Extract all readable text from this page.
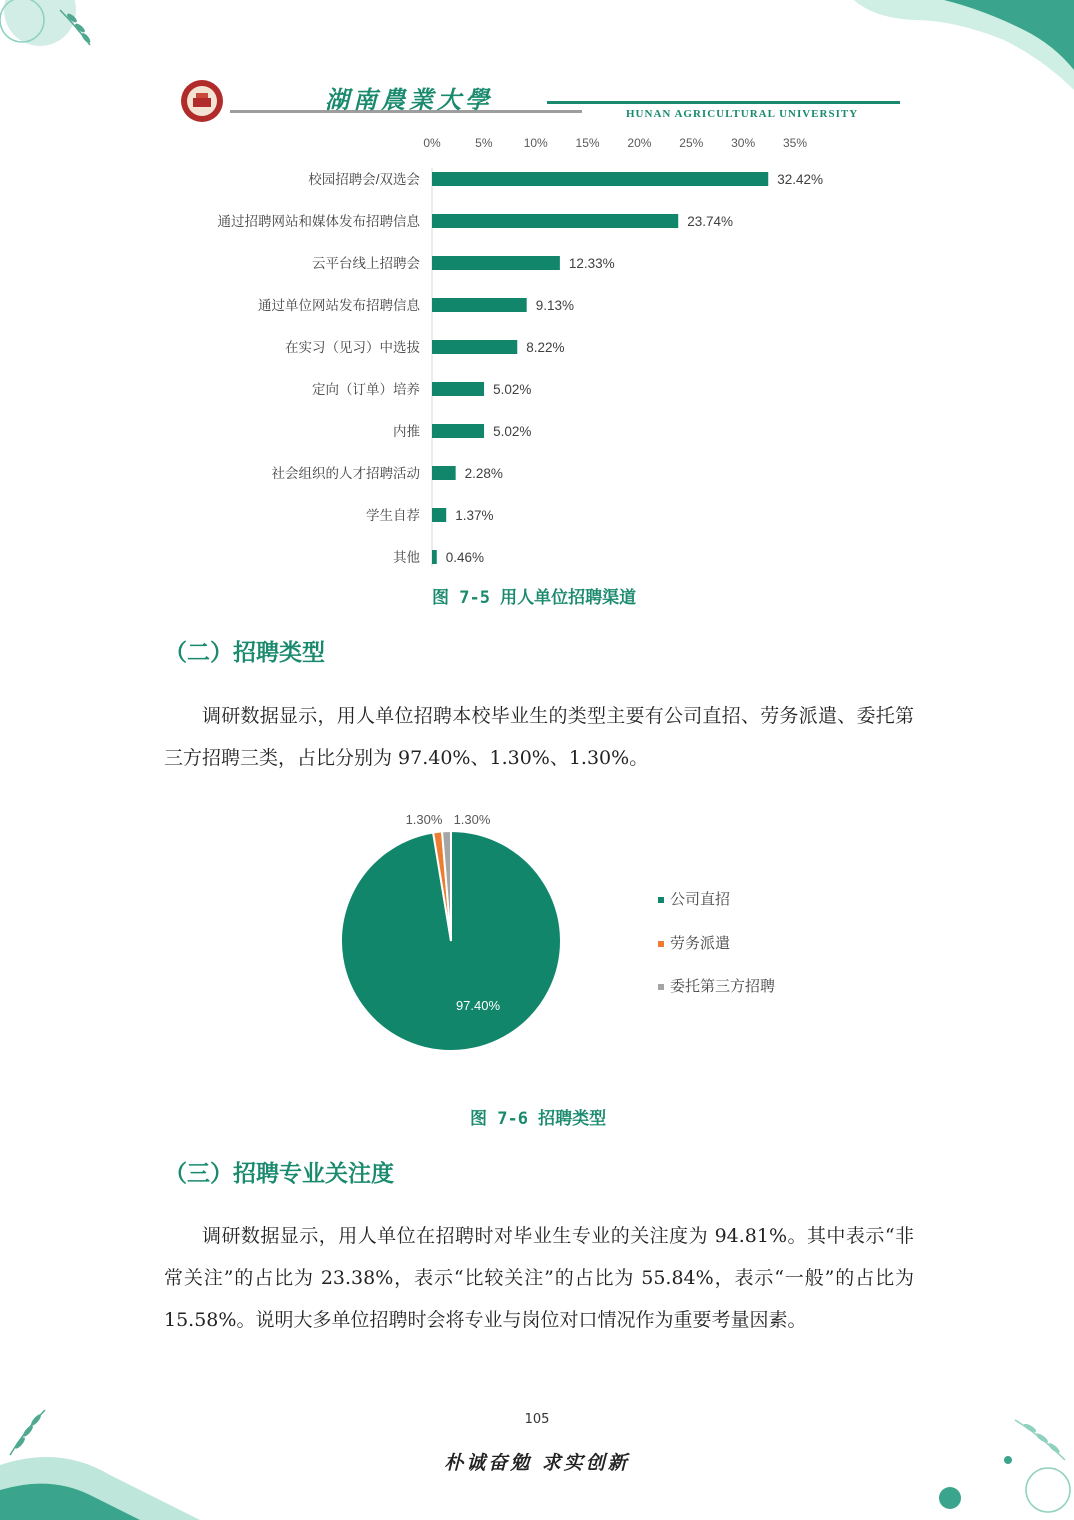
湖南農業大學	HUNAN AGRICULTURAL UNIVERSITY
0%	5%	10% 15% 20% 25% 30% 35%
校园招聘会/双选会	32.42%
通过招聘网站和媒体发布招聘信息	23.74%
云平台线上招聘会	12.33%
通过单位网站发布招聘信息	9.13%
在实习（见习）中选拔	8.22%
定向（订单）培养	5.02%
内推	5.02%
社会组织的人才招聘活动	2.28%
学生自荐	1.37%
其他 0.46%
图 7-5 用人单位招聘渠道
（二）招聘类型

调研数据显示，用人单位招聘本校毕业生的类型主要有公司直招、劳务派遣、委托第三方招聘三类，占比分别为 97.40%、1.30%、1.30%。

97.40%
1.30% 1.30%
公司直招
劳务派遣
委托第三方招聘
图 7-6 招聘类型
（三）招聘专业关注度

调研数据显示，用人单位在招聘时对毕业生专业的关注度为 94.81%。其中表示“非常关注”的占比为 23.38%，表示“比较关注”的占比为 55.84%，表示“一般”的占比为 15.58%。说明大多单位招聘时会将专业与岗位对口情况作为重要考量因素。

105
朴诚奋勉 求实创新
